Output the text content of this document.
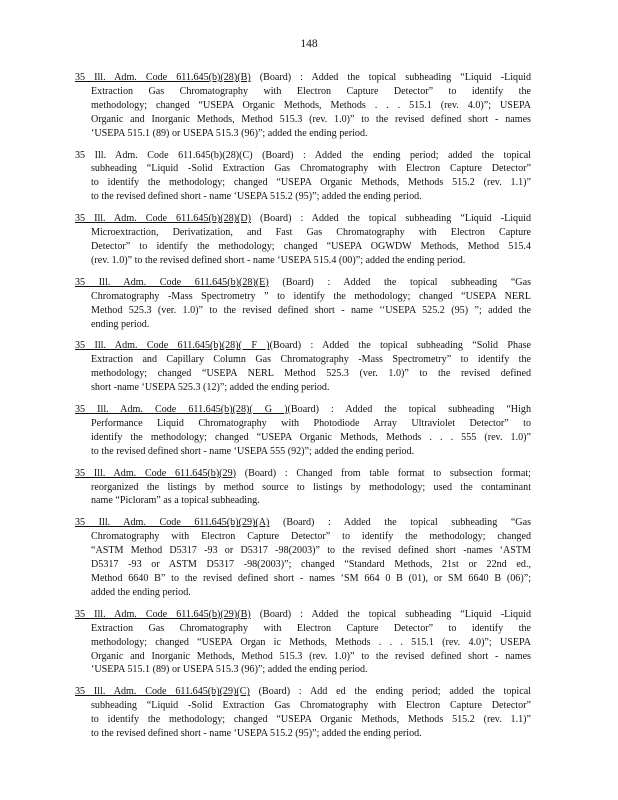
148
35 Ill. Adm. Code 611.645(b)(28)(B) (Board) : Added the topical subheading “Liquid -Liquid
Extraction Gas Chromatography with Electron Capture Detector” to identify the
methodology; changed “USEPA Organic Methods, Methods . . . 515.1 (rev. 4.0)”; USEPA
Organic and Inorganic Methods, Method 515.3 (rev. 1.0)” to the revised defined short - names
‘USEPA 515.1 (89) or USEPA 515.3 (96)”; added the ending period.
35 Ill. Adm. Code 611.645(b)(28)(C) (Board) : Added the ending period; added the topical
subheading “Liquid -Solid Extraction Gas Chromatography with Electron Capture Detector”
to identify the methodology; changed “USEPA Organic Methods, Methods 515.2 (rev. 1.1)”
to the revised defined short - name ‘USEPA 515.2 (95)”; added the ending period.
35 Ill. Adm. Code 611.645(b)(28)(D) (Board) : Added the topical subheading “Liquid -Liquid
Microextraction, Derivatization, and Fast Gas Chromatography with Electron Capture
Detector” to identify the methodology; changed “USEPA OGWDW Methods, Method 515.4
(rev. 1.0)” to the revised defined short - name ‘USEPA 515.4 (00)”; added the ending period.
35 Ill. Adm. Code 611.645(b)(28)(E) (Board) : Added the topical subheading “Gas
Chromatography -Mass Spectrometry ” to identify the methodology; changed “USEPA NERL
Method 525.3 (ver. 1.0)” to the revised defined short - name ‘‘USEPA 525.2 (95) ”; added the
ending period.
35 Ill. Adm. Code 611.645(b)(28)( F )(Board) : Added the topical subheading “Solid Phase
Extraction and Capillary Column Gas Chromatography -Mass Spectrometry” to identify the
methodology; changed “USEPA NERL Method 525.3 (ver. 1.0)” to the revised defined
short -name ‘USEPA 525.3 (12)”; added the ending period.
35 Ill. Adm. Code 611.645(b)(28)( G )(Board) : Added the topical subheading “High
Performance Liquid Chromatography with Photodiode Array Ultraviolet Detector” to
identify the methodology; changed “USEPA Organic Methods, Methods . . . 555 (rev. 1.0)”
to the revised defined short - name ‘USEPA 555 (92)”; added the ending period.
35 Ill. Adm. Code 611.645(b)(29) (Board) : Changed from table format to subsection format;
reorganized the listings by method source to listings by methodology; used the contaminant
name “Picloram” as a topical subheading.
35 Ill. Adm. Code 611.645(b)(29)(A) (Board) : Added the topical subheading “Gas
Chromatography with Electron Capture Detector” to identify the methodology; changed
“ASTM Method D5317 -93 or D5317 -98(2003)” to the revised defined short -names ‘ASTM
D5317 -93 or ASTM D5317 -98(2003)”; changed “Standard Methods, 21st or 22nd ed.,
Method 6640 B” to the revised defined short - names ‘SM 664 0 B (01), or SM 6640 B (06)”;
added the ending period.
35 Ill. Adm. Code 611.645(b)(29)(B) (Board) : Added the topical subheading “Liquid -Liquid
Extraction Gas Chromatography with Electron Capture Detector” to identify the
methodology; changed “USEPA Organ ic Methods, Methods . . . 515.1 (rev. 4.0)”; USEPA
Organic and Inorganic Methods, Method 515.3 (rev. 1.0)” to the revised defined short - names
‘USEPA 515.1 (89) or USEPA 515.3 (96)”; added the ending period.
35 Ill. Adm. Code 611.645(b)(29)(C) (Board) : Add ed the ending period; added the topical
subheading “Liquid -Solid Extraction Gas Chromatography with Electron Capture Detector”
to identify the methodology; changed “USEPA Organic Methods, Methods 515.2 (rev. 1.1)”
to the revised defined short - name ‘USEPA 515.2 (95)”; added the ending period.
